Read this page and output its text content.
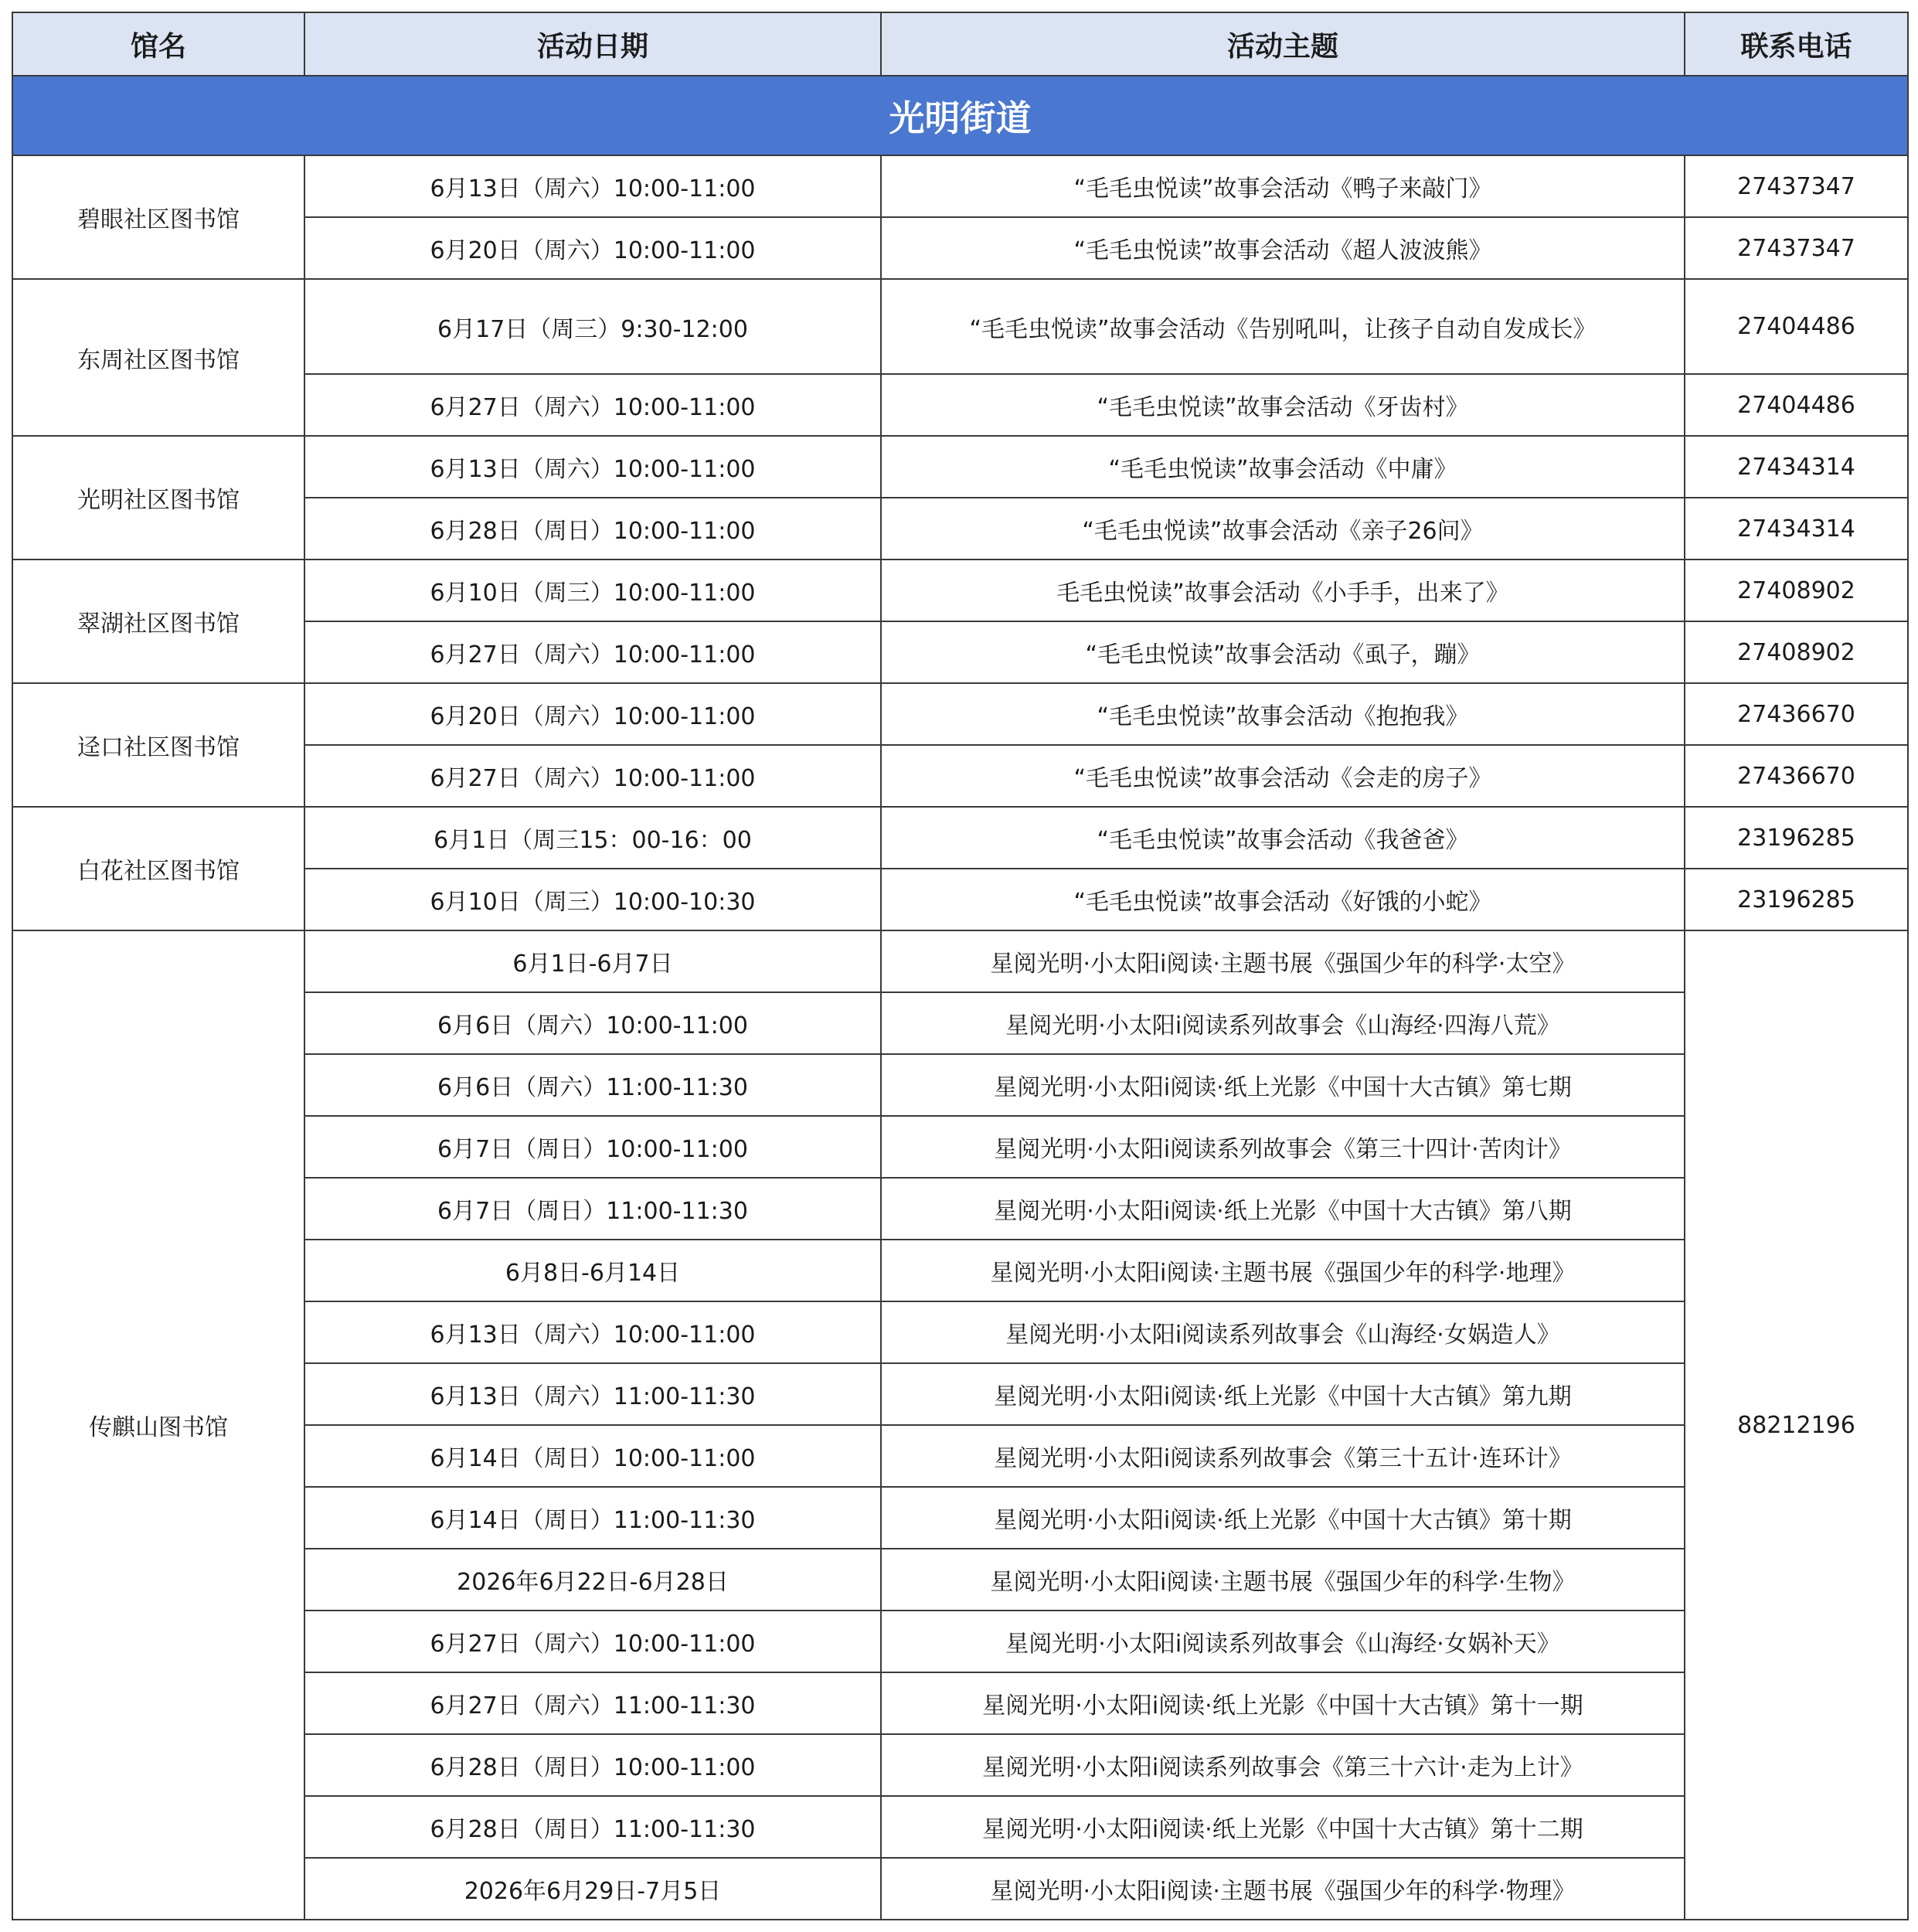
馆名	活动日期	活动主题	联系电话
光明街道			
碧眼社区图书馆	6月13日（周六）10:00-11:00	“毛毛虫悦读”故事会活动《鸭子来敲门》	27437347
	6月20日（周六）10:00-11:00	“毛毛虫悦读”故事会活动《超人波波熊》	27437347
东周社区图书馆	6月17日（周三）9:30-12:00	“毛毛虫悦读”故事会活动《告别吼叫，让孩子自动自发成长》	27404486
	6月27日（周六）10:00-11:00	“毛毛虫悦读”故事会活动《牙齿村》	27404486
光明社区图书馆	6月13日（周六）10:00-11:00	“毛毛虫悦读”故事会活动《中庸》	27434314
	6月28日（周日）10:00-11:00	“毛毛虫悦读”故事会活动《亲子26问》	27434314
翠湖社区图书馆	6月10日（周三）10:00-11:00	毛毛虫悦读”故事会活动《小手手，出来了》	27408902
	6月27日（周六）10:00-11:00	“毛毛虫悦读”故事会活动《虱子，蹦》	27408902
迳口社区图书馆	6月20日（周六）10:00-11:00	“毛毛虫悦读”故事会活动《抱抱我》	27436670
	6月27日（周六）10:00-11:00	“毛毛虫悦读”故事会活动《会走的房子》	27436670
白花社区图书馆	6月1日（周三15：00-16：00	“毛毛虫悦读”故事会活动《我爸爸》	23196285
	6月10日（周三）10:00-10:30	“毛毛虫悦读”故事会活动《好饿的小蛇》	23196285
传麒山图书馆	6月1日-6月7日	星阅光明·小太阳i阅读·主题书展《强国少年的科学·太空》	88212196
	6月6日（周六）10:00-11:00	星阅光明·小太阳i阅读系列故事会《山海经·四海八荒》	
	6月6日（周六）11:00-11:30	星阅光明·小太阳i阅读·纸上光影《中国十大古镇》第七期	
	6月7日（周日）10:00-11:00	星阅光明·小太阳i阅读系列故事会《第三十四计·苦肉计》	
	6月7日（周日）11:00-11:30	星阅光明·小太阳i阅读·纸上光影《中国十大古镇》第八期	
	6月8日-6月14日	星阅光明·小太阳i阅读·主题书展《强国少年的科学·地理》	
	6月13日（周六）10:00-11:00	星阅光明·小太阳i阅读系列故事会《山海经·女娲造人》	
	6月13日（周六）11:00-11:30	星阅光明·小太阳i阅读·纸上光影《中国十大古镇》第九期	
	6月14日（周日）10:00-11:00	星阅光明·小太阳i阅读系列故事会《第三十五计·连环计》	
	6月14日（周日）11:00-11:30	星阅光明·小太阳i阅读·纸上光影《中国十大古镇》第十期	
	2026年6月22日-6月28日	星阅光明·小太阳i阅读·主题书展《强国少年的科学·生物》	
	6月27日（周六）10:00-11:00	星阅光明·小太阳i阅读系列故事会《山海经·女娲补天》	
	6月27日（周六）11:00-11:30	星阅光明·小太阳i阅读·纸上光影《中国十大古镇》第十一期	
	6月28日（周日）10:00-11:00	星阅光明·小太阳i阅读系列故事会《第三十六计·走为上计》	
	6月28日（周日）11:00-11:30	星阅光明·小太阳i阅读·纸上光影《中国十大古镇》第十二期	
	2026年6月29日-7月5日	星阅光明·小太阳i阅读·主题书展《强国少年的科学·物理》	
